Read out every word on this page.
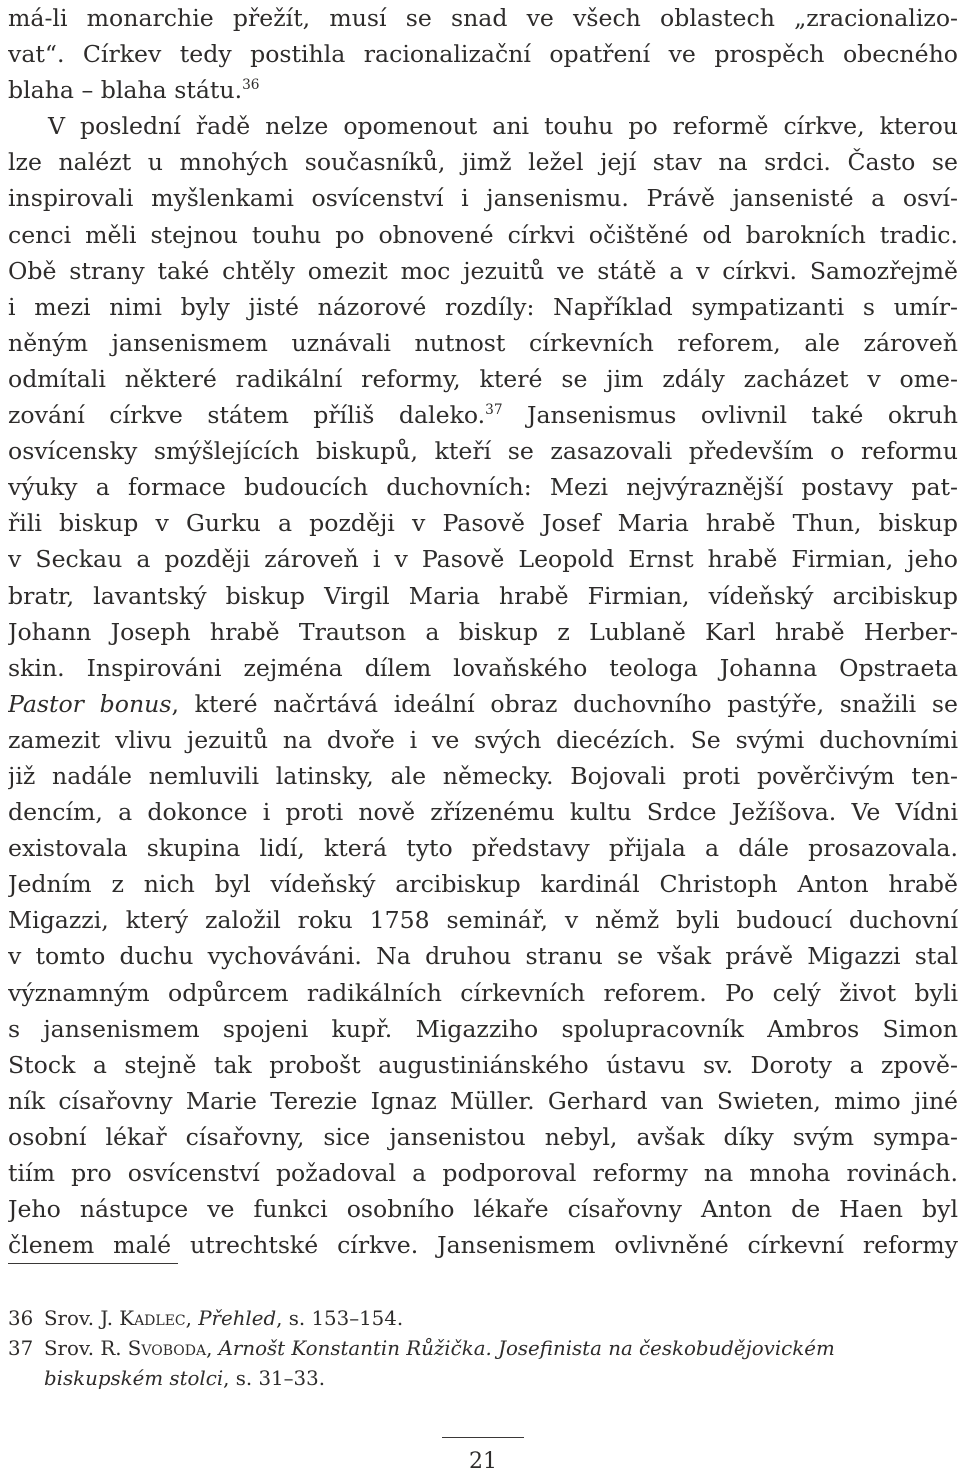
má-li monarchie přežít, musí se snad ve všech oblastech „zracionalizo-
vat“. Církev tedy postihla racionalizační opatření ve prospěch obecného
blaha – blaha státu.$^{36}$
V poslední řadě nelze opomenout ani touhu po reformě církve, kterou
lze nalézt u mnohých současníků, jimž ležel její stav na srdci. Často se
inspirovali myšlenkami osvícenství i jansenismu. Právě jansenisté a osví-
cenci měli stejnou touhu po obnovené církvi očištěné od barokních tradic.
Obě strany také chtěly omezit moc jezuitů ve státě a v církvi. Samozřejmě
i mezi nimi byly jisté názorové rozdíly: Například sympatizanti s umír-
něným jansenismem uznávali nutnost církevních reforem, ale zároveň
odmítali některé radikální reformy, které se jim zdály zacházet v ome-
zování církve státem příliš daleko.$^{37}$ Jansenismus ovlivnil také okruh
osvícensky smýšlejících biskupů, kteří se zasazovali především o reformu
výuky a formace budoucích duchovních: Mezi nejvýraznější postavy pat-
řili biskup v Gurku a později v Pasově Josef Maria hrabě Thun, biskup
v Seckau a později zároveň i v Pasově Leopold Ernst hrabě Firmian, jeho
bratr, lavantský biskup Virgil Maria hrabě Firmian, vídeňský arcibiskup
Johann Joseph hrabě Trautson a biskup z Lublaně Karl hrabě Herber-
skin. Inspirováni zejména dílem lovaňského teologa Johanna Opstraeta
Pastor bonus, které načrtává ideální obraz duchovního pastýře, snažili se
zamezit vlivu jezuitů na dvoře i ve svých diecézích. Se svými duchovními
již nadále nemluvili latinsky, ale německy. Bojovali proti pověrčivým ten-
dencím, a dokonce i proti nově zřízenému kultu Srdce Ježíšova. Ve Vídni
existovala skupina lidí, která tyto představy přijala a dále prosazovala.
Jedním z nich byl vídeňský arcibiskup kardinál Christoph Anton hrabě
Migazzi, který založil roku 1758 seminář, v němž byli budoucí duchovní
v tomto duchu vychováváni. Na druhou stranu se však právě Migazzi stal
významným odpůrcem radikálních církevních reforem. Po celý život byli
s jansenismem spojeni kupř. Migazziho spolupracovník Ambros Simon
Stock a stejně tak probošt augustiniánského ústavu sv. Doroty a zpově-
ník císařovny Marie Terezie Ignaz Müller. Gerhard van Swieten, mimo jiné
osobní lékař císařovny, sice jansenistou nebyl, avšak díky svým sympa-
tiím pro osvícenství požadoval a podporoval reformy na mnoha rovinách.
Jeho nástupce ve funkci osobního lékaře císařovny Anton de Haen byl
členem malé utrechtské církve. Jansenismem ovlivněné církevní reformy
36 Srov. J. Kadlec, Přehled, s. 153–154.
37 Srov. R. Svoboda, Arnošt Konstantin Růžička. Josefinista na českobudějovickém
biskupském stolci, s. 31–33.
21
